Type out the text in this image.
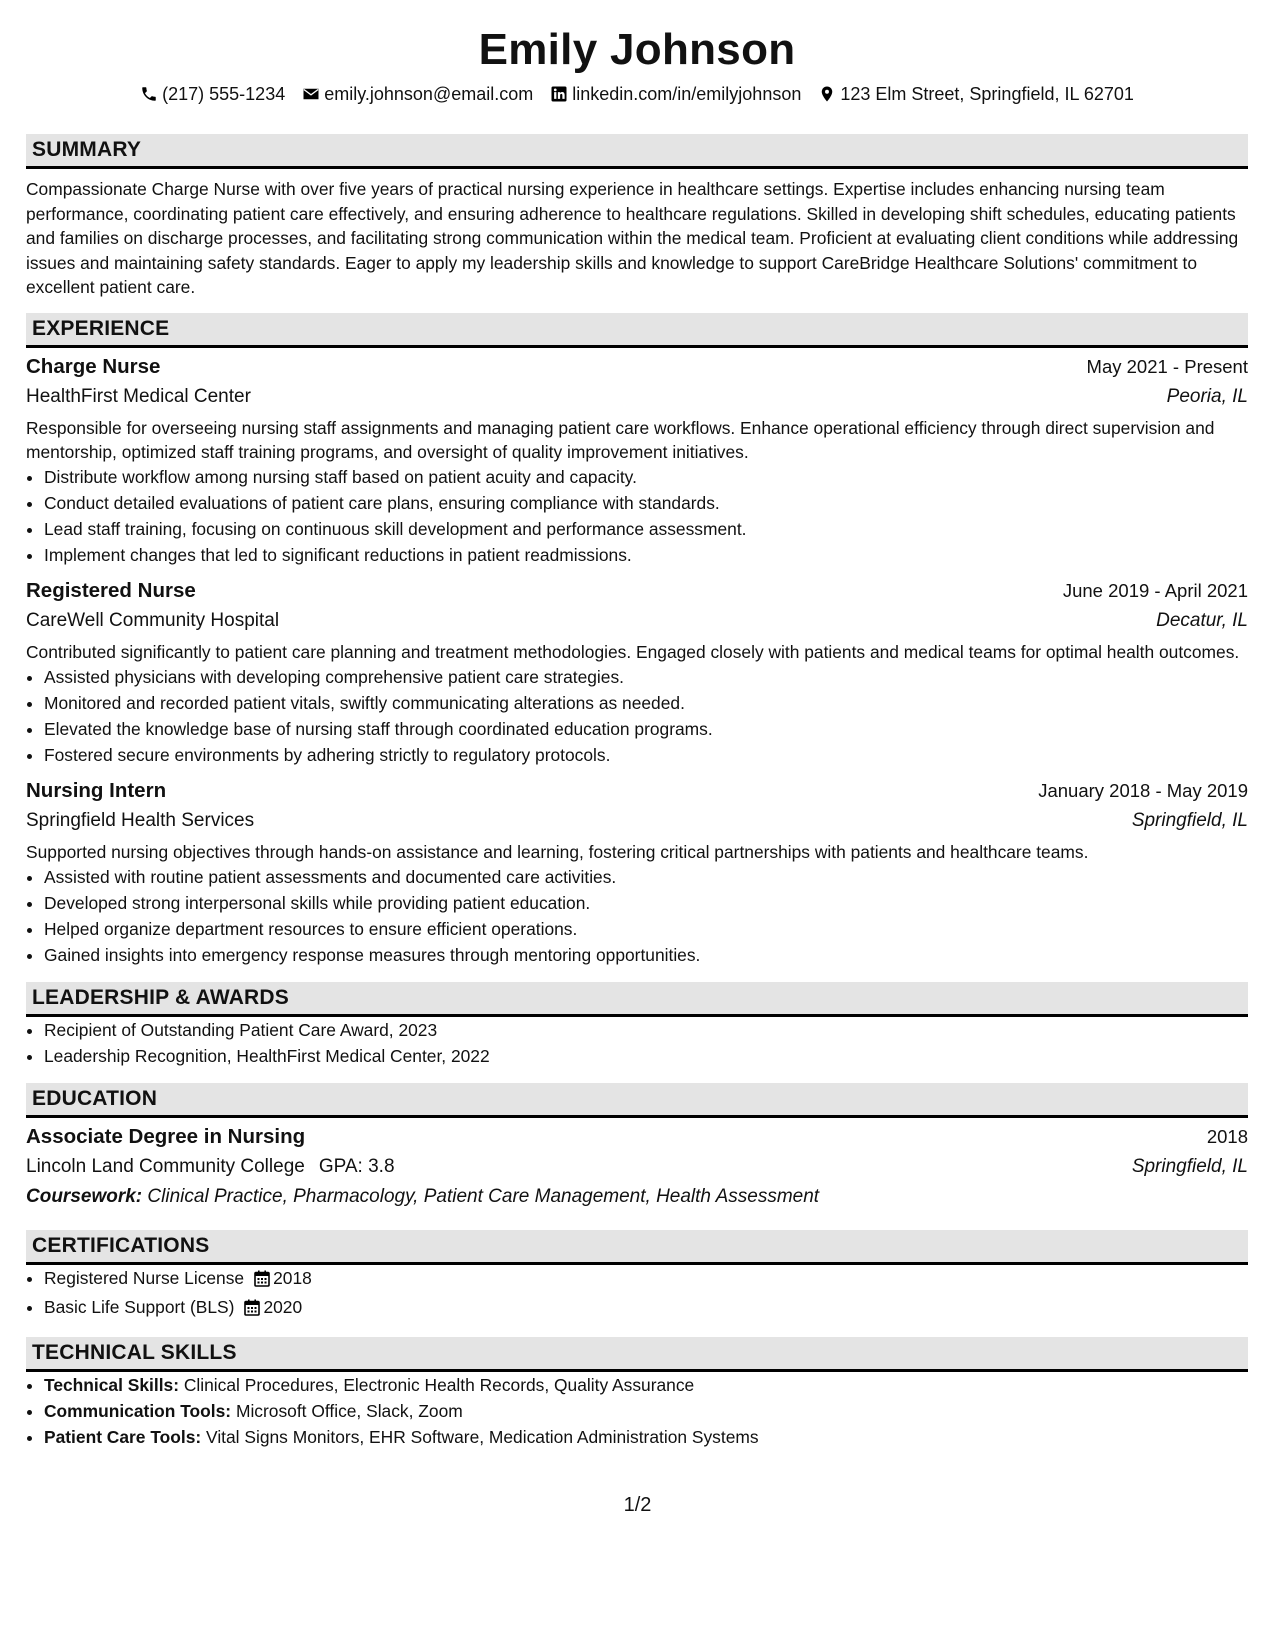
Emily Johnson
(217) 555-1234 emily.johnson@email.com linkedin.com/in/emilyjohnson 123 Elm Street, Springfield, IL 62701
SUMMARY

Compassionate Charge Nurse with over five years of practical nursing experience in healthcare settings. Expertise includes enhancing nursing team performance, coordinating patient care effectively, and ensuring adherence to healthcare regulations. Skilled in developing shift schedules, educating patients and families on discharge processes, and facilitating strong communication within the medical team. Proficient at evaluating client conditions while addressing issues and maintaining safety standards. Eager to apply my leadership skills and knowledge to support CareBridge Healthcare Solutions' commitment to excellent patient care.

EXPERIENCE
Charge Nurse	May 2021 - Present
HealthFirst Medical Center	Peoria, IL

Responsible for overseeing nursing staff assignments and managing patient care workflows. Enhance operational efficiency through direct supervision and mentorship, optimized staff training programs, and oversight of quality improvement initiatives.

• Distribute workflow among nursing staff based on patient acuity and capacity.
• Conduct detailed evaluations of patient care plans, ensuring compliance with standards.
• Lead staff training, focusing on continuous skill development and performance assessment.
• Implement changes that led to significant reductions in patient readmissions.
Registered Nurse	June 2019 - April 2021
CareWell Community Hospital	Decatur, IL

Contributed significantly to patient care planning and treatment methodologies. Engaged closely with patients and medical teams for optimal health outcomes.

• Assisted physicians with developing comprehensive patient care strategies.
• Monitored and recorded patient vitals, swiftly communicating alterations as needed.
• Elevated the knowledge base of nursing staff through coordinated education programs.
• Fostered secure environments by adhering strictly to regulatory protocols.
Nursing Intern	January 2018 - May 2019
Springfield Health Services	Springfield, IL

Supported nursing objectives through hands-on assistance and learning, fostering critical partnerships with patients and healthcare teams.

• Assisted with routine patient assessments and documented care activities.
• Developed strong interpersonal skills while providing patient education.
• Helped organize department resources to ensure efficient operations.
• Gained insights into emergency response measures through mentoring opportunities.
LEADERSHIP & AWARDS
• Recipient of Outstanding Patient Care Award, 2023
• Leadership Recognition, HealthFirst Medical Center, 2022
EDUCATION
Associate Degree in Nursing	2018
Lincoln Land Community College GPA: 3.8	Springfield, IL
Coursework: Clinical Practice, Pharmacology, Patient Care Management, Health Assessment
CERTIFICATIONS
• Registered Nurse License 2018
• Basic Life Support (BLS) 2020
TECHNICAL SKILLS
• Technical Skills: Clinical Procedures, Electronic Health Records, Quality Assurance
• Communication Tools: Microsoft Office, Slack, Zoom
• Patient Care Tools: Vital Signs Monitors, EHR Software, Medication Administration Systems
1/2
